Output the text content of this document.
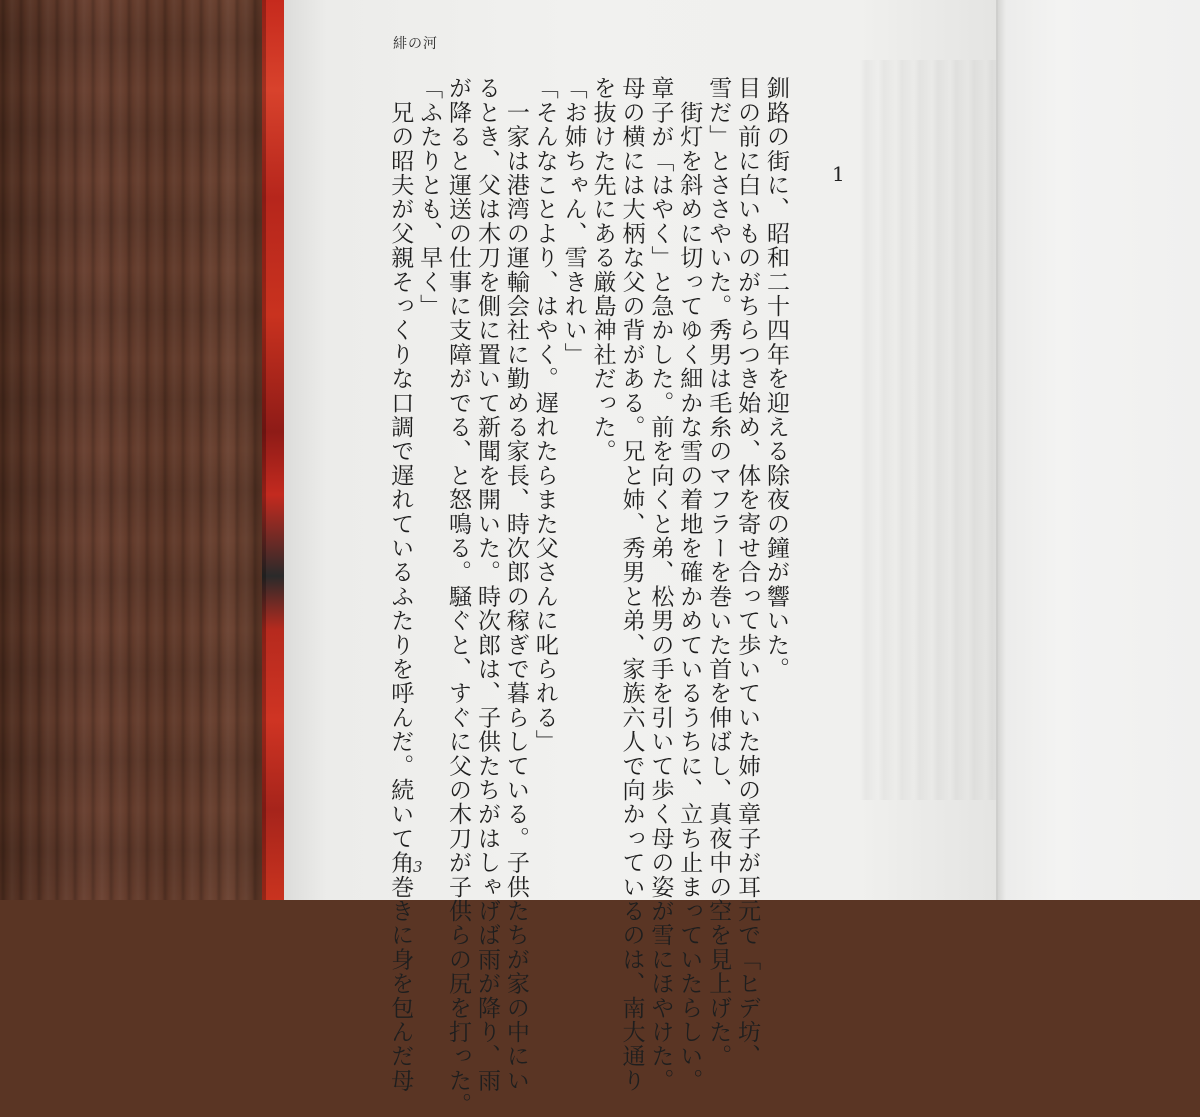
緋の河
1
釧路の街に、昭和二十四年を迎える除夜の鐘が響いた。
目の前に白いものがちらつき始め、体を寄せ合って歩いていた姉の章子が耳元で「ヒデ坊、
雪だ」とささやいた。秀男は毛糸のマフラーを巻いた首を伸ばし、真夜中の空を見上げた。
　街灯を斜めに切ってゆく細かな雪の着地を確かめているうちに、立ち止まっていたらしい。
章子が「はやく」と急かした。前を向くと弟、松男の手を引いて歩く母の姿が雪にほやけた。
母の横には大柄な父の背がある。兄と姉、秀男と弟、家族六人で向かっているのは、南大通り
を抜けた先にある厳島神社だった。
「お姉ちゃん、雪きれい」
「そんなことより、はやく。遅れたらまた父さんに叱られる」
　一家は港湾の運輸会社に勤める家長、時次郎の稼ぎで暮らしている。子供たちが家の中にい
るとき、父は木刀を側に置いて新聞を開いた。時次郎は、子供たちがはしゃげば雨が降り、雨
が降ると運送の仕事に支障がでる、と怒鳴る。騒ぐと、すぐに父の木刀が子供らの尻を打った。
「ふたりとも、早く」
　兄の昭夫が父親そっくりな口調で遅れているふたりを呼んだ。続いて角巻きに身を包んだ母 3
